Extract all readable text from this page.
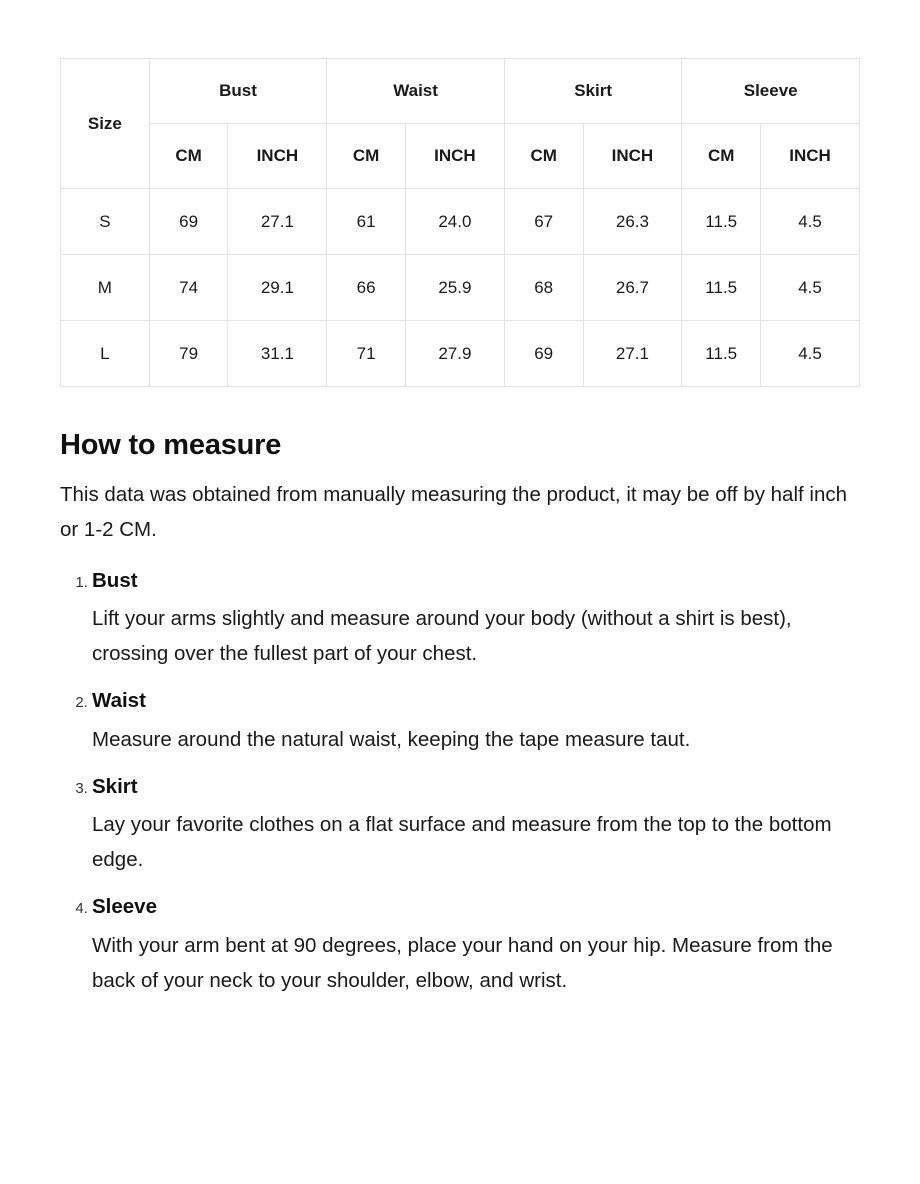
Size	Bust		Waist		Skirt		Sleeve	
	CM	INCH	CM	INCH	CM	INCH	CM	INCH
S	69	27.1	61	24.0	67	26.3	11.5	4.5
M	74	29.1	66	25.9	68	26.7	11.5	4.5
L	79	31.1	71	27.9	69	27.1	11.5	4.5
How to measure

This data was obtained from manually measuring the product, it may be off by half inch or 1-2 CM.

1. Bust
Lift your arms slightly and measure around your body (without a shirt is best), crossing over the fullest part of your chest.
2. Waist
Measure around the natural waist, keeping the tape measure taut.
3. Skirt
Lay your favorite clothes on a flat surface and measure from the top to the bottom edge.
4. Sleeve
With your arm bent at 90 degrees, place your hand on your hip. Measure from the back of your neck to your shoulder, elbow, and wrist.
